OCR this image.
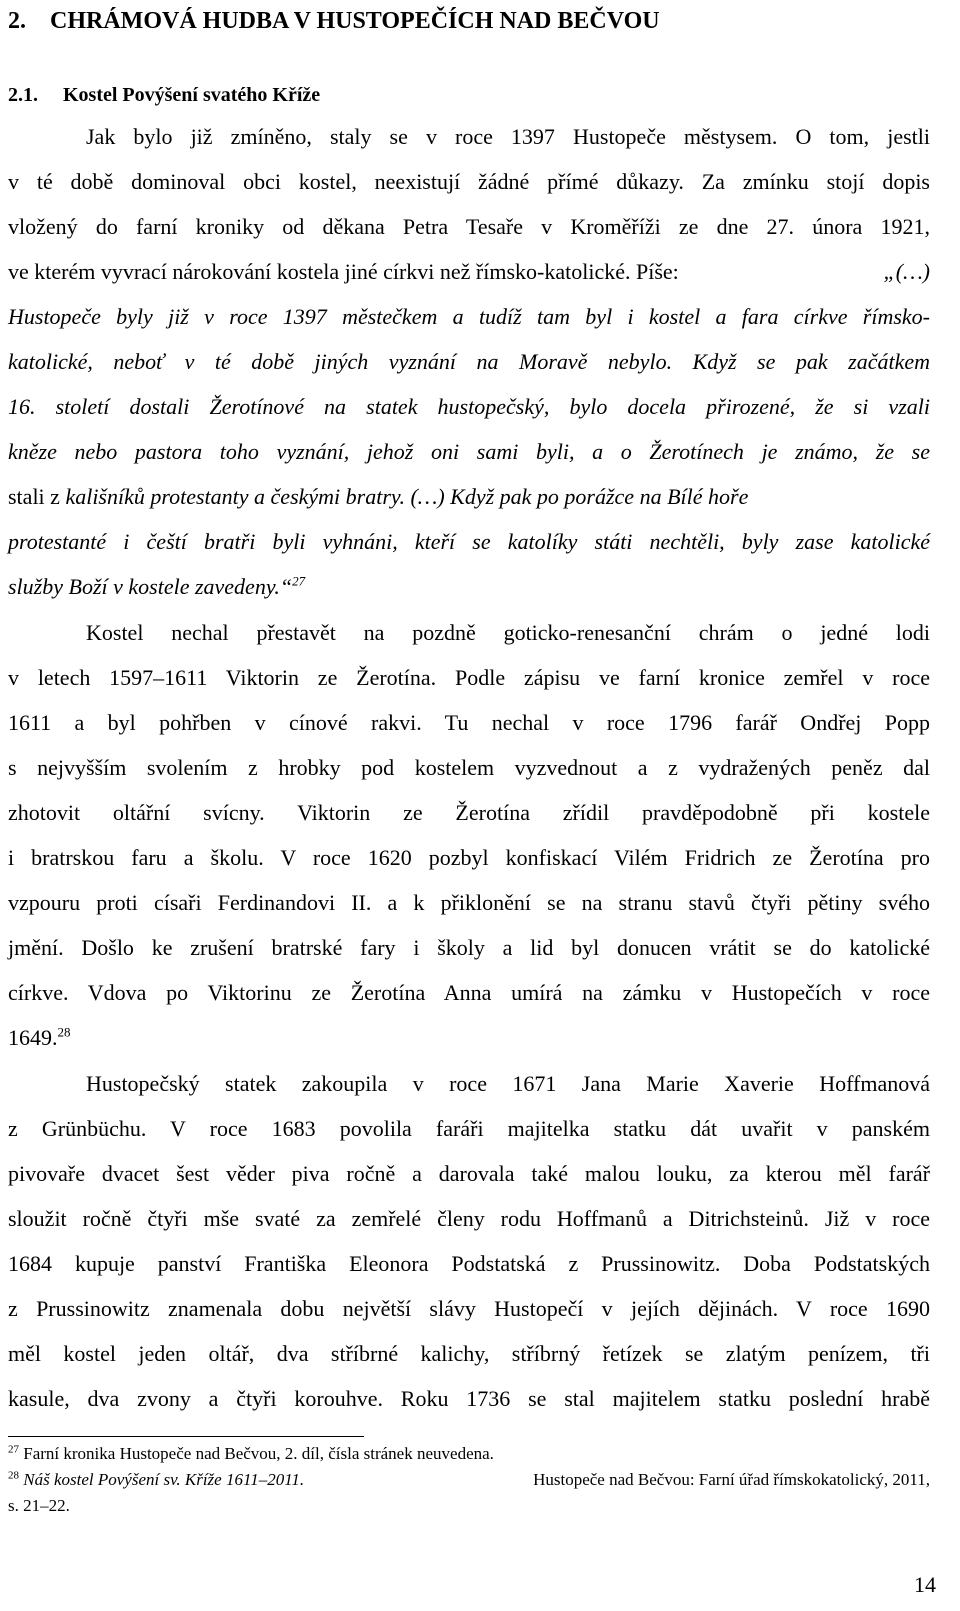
2. CHRÁMOVÁ HUDBA V HUSTOPEČÍCH NAD BEČVOU
2.1. Kostel Povýšení svatého Kříže
Jak bylo již zmíněno, staly se v roce 1397 Hustopeče městysem. O tom, jestli
v té době dominoval obci kostel, neexistují žádné přímé důkazy. Za zmínku stojí dopis
vložený do farní kroniky od děkana Petra Tesaře v Kroměříži ze dne 27. února 1921,
ve kterém vyvrací nárokování kostela jiné církvi než římsko-katolické. Píše:	„(…)
Hustopeče byly již v roce 1397 městečkem a tudíž tam byl i kostel a fara církve římsko-
katolické, neboť v té době jiných vyznání na Moravě nebylo. Když se pak začátkem
16. století dostali Žerotínové na statek hustopečský, bylo docela přirozené, že si vzali
kněze nebo pastora toho vyznání, jehož oni sami byli, a o Žerotínech je známo, že se
stali z kališníků protestanty a českými bratry. (…) Když pak po porážce na Bílé hoře
protestanté i čeští bratři byli vyhnáni, kteří se katolíky státi nechtěli, byly zase katolické
služby Boží v kostele zavedeny.“$^{27}$
Kostel nechal přestavět na pozdně goticko-renesanční chrám o jedné lodi
v letech 1597–1611 Viktorin ze Žerotína. Podle zápisu ve farní kronice zemřel v roce
1611 a byl pohřben v cínové rakvi. Tu nechal v roce 1796 farář Ondřej Popp
s nejvyšším svolením z hrobky pod kostelem vyzvednout a z vydražených peněz dal
zhotovit oltářní svícny. Viktorin ze Žerotína zřídil pravděpodobně při kostele
i bratrskou faru a školu. V roce 1620 pozbyl konfiskací Vilém Fridrich ze Žerotína pro
vzpouru proti císaři Ferdinandovi II. a k přiklonění se na stranu stavů čtyři pětiny svého
jmění. Došlo ke zrušení bratrské fary i školy a lid byl donucen vrátit se do katolické
církve. Vdova po Viktorinu ze Žerotína Anna umírá na zámku v Hustopečích v roce
1649.28
Hustopečský statek zakoupila v roce 1671 Jana Marie Xaverie Hoffmanová
z Grünbüchu. V roce 1683 povolila faráři majitelka statku dát uvařit v panském
pivovaře dvacet šest věder piva ročně a darovala také malou louku, za kterou měl farář
sloužit ročně čtyři mše svaté za zemřelé členy rodu Hoffmanů a Ditrichsteinů. Již v roce
1684 kupuje panství Františka Eleonora Podstatská z Prussinowitz. Doba Podstatských
z Prussinowitz znamenala dobu největší slávy Hustopečí v jejích dějinách. V roce 1690
měl kostel jeden oltář, dva stříbrné kalichy, stříbrný řetízek se zlatým penízem, tři
kasule, dva zvony a čtyři korouhve. Roku 1736 se stal majitelem statku poslední hrabě
$^{27}$ Farní kronika Hustopeče nad Bečvou, 2. díl, čísla stránek neuvedena.
$^{28}$ Náš kostel Povýšení sv. Kříže 1611–2011.	Hustopeče nad Bečvou: Farní úřad římskokatolický, 2011,
s. 21–22.
14
